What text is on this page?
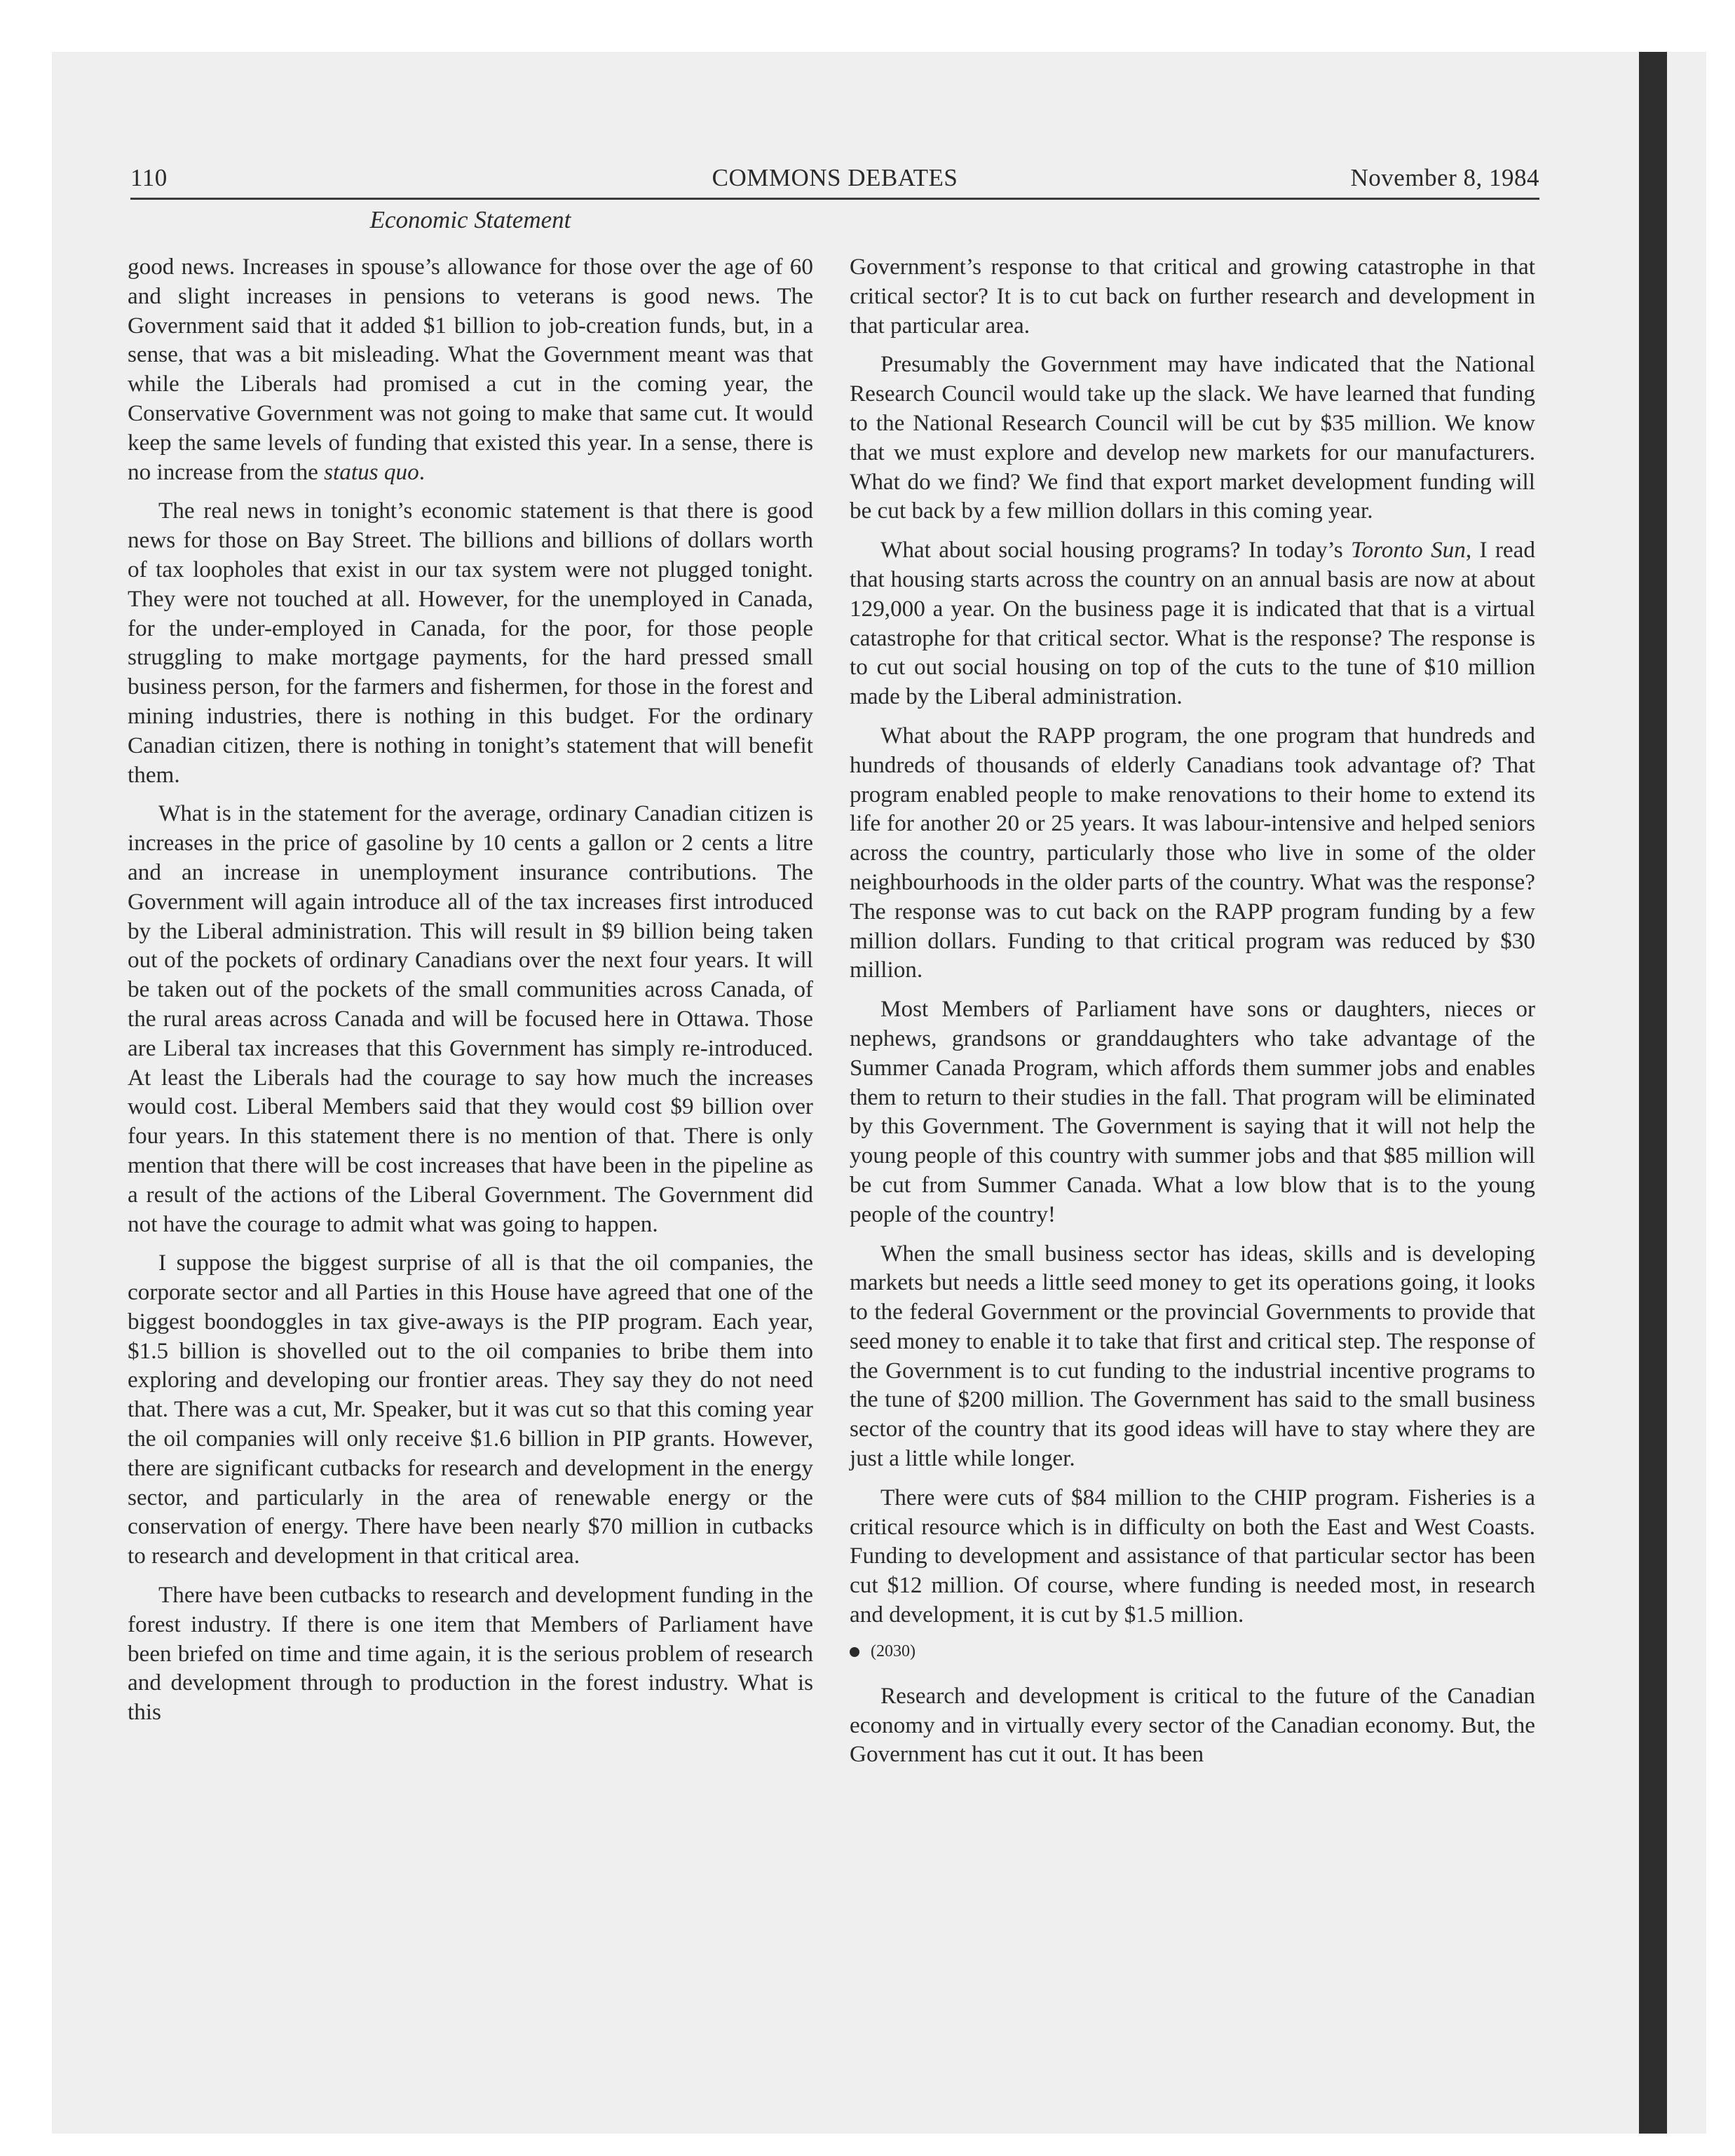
110	COMMONS DEBATES	November 8, 1984
Economic Statement

good news. Increases in spouse’s allowance for those over the age of 60 and slight increases in pensions to veterans is good news. The Government said that it added $1 billion to job-creation funds, but, in a sense, that was a bit misleading. What the Government meant was that while the Liberals had promised a cut in the coming year, the Conservative Government was not going to make that same cut. It would keep the same levels of funding that existed this year. In a sense, there is no increase from the status quo.

The real news in tonight’s economic statement is that there is good news for those on Bay Street. The billions and billions of dollars worth of tax loopholes that exist in our tax system were not plugged tonight. They were not touched at all. However, for the unemployed in Canada, for the under-employed in Canada, for the poor, for those people struggling to make mortgage payments, for the hard pressed small business person, for the farmers and fishermen, for those in the forest and mining industries, there is nothing in this budget. For the ordinary Canadian citizen, there is nothing in tonight’s statement that will benefit them.

What is in the statement for the average, ordinary Canadian citizen is increases in the price of gasoline by 10 cents a gallon or 2 cents a litre and an increase in unemployment insurance contributions. The Government will again introduce all of the tax increases first introduced by the Liberal administration. This will result in $9 billion being taken out of the pockets of ordinary Canadians over the next four years. It will be taken out of the pockets of the small communities across Canada, of the rural areas across Canada and will be focused here in Ottawa. Those are Liberal tax increases that this Government has simply re-introduced. At least the Liberals had the courage to say how much the increases would cost. Liberal Members said that they would cost $9 billion over four years. In this statement there is no mention of that. There is only mention that there will be cost increases that have been in the pipeline as a result of the actions of the Liberal Government. The Government did not have the courage to admit what was going to happen.

I suppose the biggest surprise of all is that the oil companies, the corporate sector and all Parties in this House have agreed that one of the biggest boondoggles in tax give-aways is the PIP program. Each year, $1.5 billion is shovelled out to the oil companies to bribe them into exploring and developing our frontier areas. They say they do not need that. There was a cut, Mr. Speaker, but it was cut so that this coming year the oil companies will only receive $1.6 billion in PIP grants. However, there are significant cutbacks for research and development in the energy sector, and particularly in the area of renewable energy or the conservation of energy. There have been nearly $70 million in cutbacks to research and development in that critical area.

There have been cutbacks to research and development funding in the forest industry. If there is one item that Members of Parliament have been briefed on time and time again, it is the serious problem of research and development through to production in the forest industry. What is this

Government’s response to that critical and growing catastrophe in that critical sector? It is to cut back on further research and development in that particular area.

Presumably the Government may have indicated that the National Research Council would take up the slack. We have learned that funding to the National Research Council will be cut by $35 million. We know that we must explore and develop new markets for our manufacturers. What do we find? We find that export market development funding will be cut back by a few million dollars in this coming year.

What about social housing programs? In today’s Toronto Sun, I read that housing starts across the country on an annual basis are now at about 129,000 a year. On the business page it is indicated that that is a virtual catastrophe for that critical sector. What is the response? The response is to cut out social housing on top of the cuts to the tune of $10 million made by the Liberal administration.

What about the RAPP program, the one program that hundreds and hundreds of thousands of elderly Canadians took advantage of? That program enabled people to make renovations to their home to extend its life for another 20 or 25 years. It was labour-intensive and helped seniors across the country, particularly those who live in some of the older neighbourhoods in the older parts of the country. What was the response? The response was to cut back on the RAPP program funding by a few million dollars. Funding to that critical program was reduced by $30 million.

Most Members of Parliament have sons or daughters, nieces or nephews, grandsons or granddaughters who take advantage of the Summer Canada Program, which affords them summer jobs and enables them to return to their studies in the fall. That program will be eliminated by this Government. The Government is saying that it will not help the young people of this country with summer jobs and that $85 million will be cut from Summer Canada. What a low blow that is to the young people of the country!

When the small business sector has ideas, skills and is developing markets but needs a little seed money to get its operations going, it looks to the federal Government or the provincial Governments to provide that seed money to enable it to take that first and critical step. The response of the Government is to cut funding to the industrial incentive programs to the tune of $200 million. The Government has said to the small business sector of the country that its good ideas will have to stay where they are just a little while longer.

There were cuts of $84 million to the CHIP program. Fisheries is a critical resource which is in difficulty on both the East and West Coasts. Funding to development and assistance of that particular sector has been cut $12 million. Of course, where funding is needed most, in research and development, it is cut by $1.5 million.

(2030)

Research and development is critical to the future of the Canadian economy and in virtually every sector of the Canadian economy. But, the Government has cut it out. It has been
